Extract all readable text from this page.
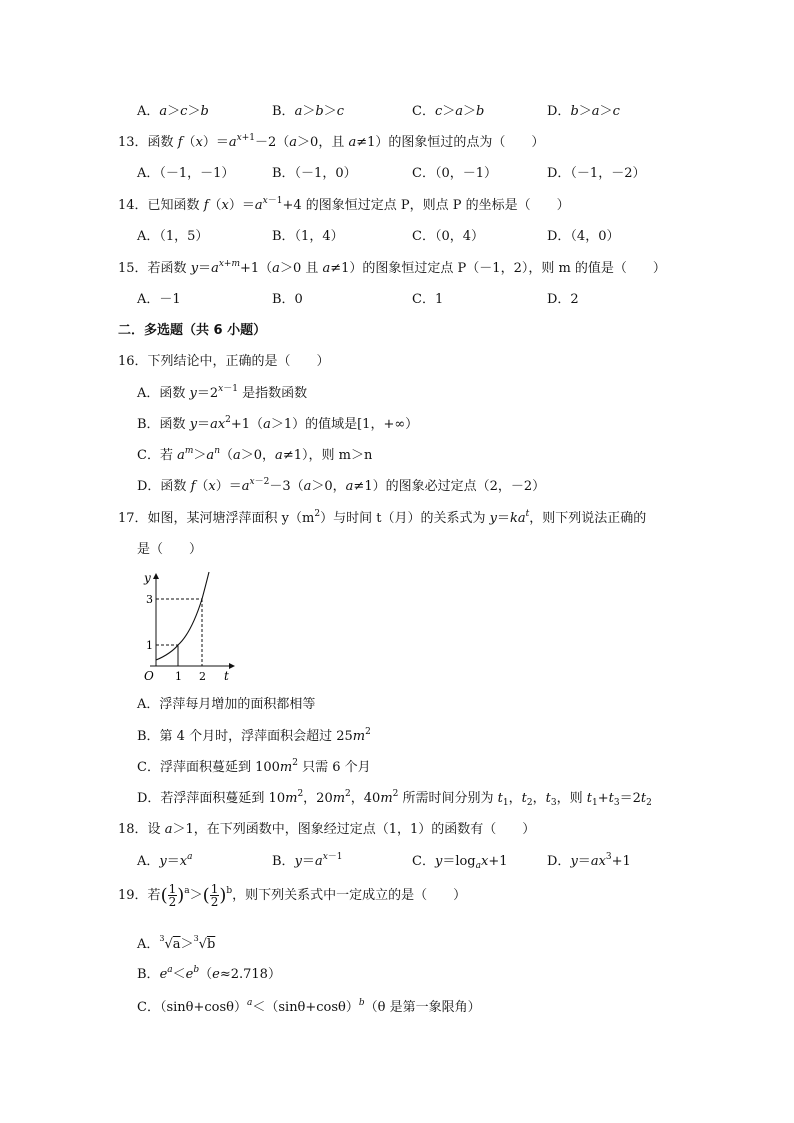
A．a＞c＞b	B．a＞b＞c	C．c＞a＞b	D．b＞a＞c
13．函数 $f(x)=a^{x+1}-2(a>0$，且 a≠1）的图象恒过的点为（　　）
A．（－1，－1）	B．（－1，0）	C．（0，－1）	D．（－1，－2）
14．已知函数 $f(x)=a^{x-1}+4$ 的图象恒过定点 P，则点 P 的坐标是（　　）
A．（1，5）	B．（1，4）	C．（0，4）	D．（4，0）
15．若函数 $y=a^{x+m}+1(a>0$ 且 a≠1）的图象恒过定点 P（－1，2），则 m 的值是（　　）
A．－1	B．0	C．1	D．2
二．多选题（共 6 小题）
16．下列结论中，正确的是（　　）
A．函数 $y=2^{x-1}$ 是指数函数
B．函数 $y=ax^2+1(a>1)$的值域是[1，+∞）
C．若 $a^m>a^n(a>0$，a≠1），则 m＞n
D．函数 $f(x)=a^{x-2}-3(a>0$，a≠1）的图象必过定点（2，－2）
17．如图，某河塘浮萍面积 $y(m^2)$与时间 t（月）的关系式为 $y=ka^t$，则下列说法正确的
是（　　）
y
t
O
1
3
1 2
A．浮萍每月增加的面积都相等
B．第 4 个月时，浮萍面积会超过 $25m^2$
C．浮萍面积蔓延到 $100m^2$ 只需 6 个月
D．若浮萍面积蔓延到 $10m^2$，$20m^2$，$40m^2$ 所需时间分别为 $t_1$，$t_2$，$t_3$，则 $t_1+t_3=2t_2$
18．设 a＞1，在下列函数中，图象经过定点（1，1）的函数有（　　）
A．$y=x^a$	B．$y=a^{x-1}$	C．$y=\log_ax+1$	D．$y=ax^3+1$
19．若( $\frac{1}{2} )^a>( \frac{1}{2} )^b$，则下列关系式中一定成立的是（　　）
A．$^3$√a＞$^3$√b
B．$e^a<e^b(e\approx 2.718)$
C．$(\sin\theta+\cos\theta)^a<(\sin\theta+\cos\theta)^b(\theta$ 是第一象限角）
